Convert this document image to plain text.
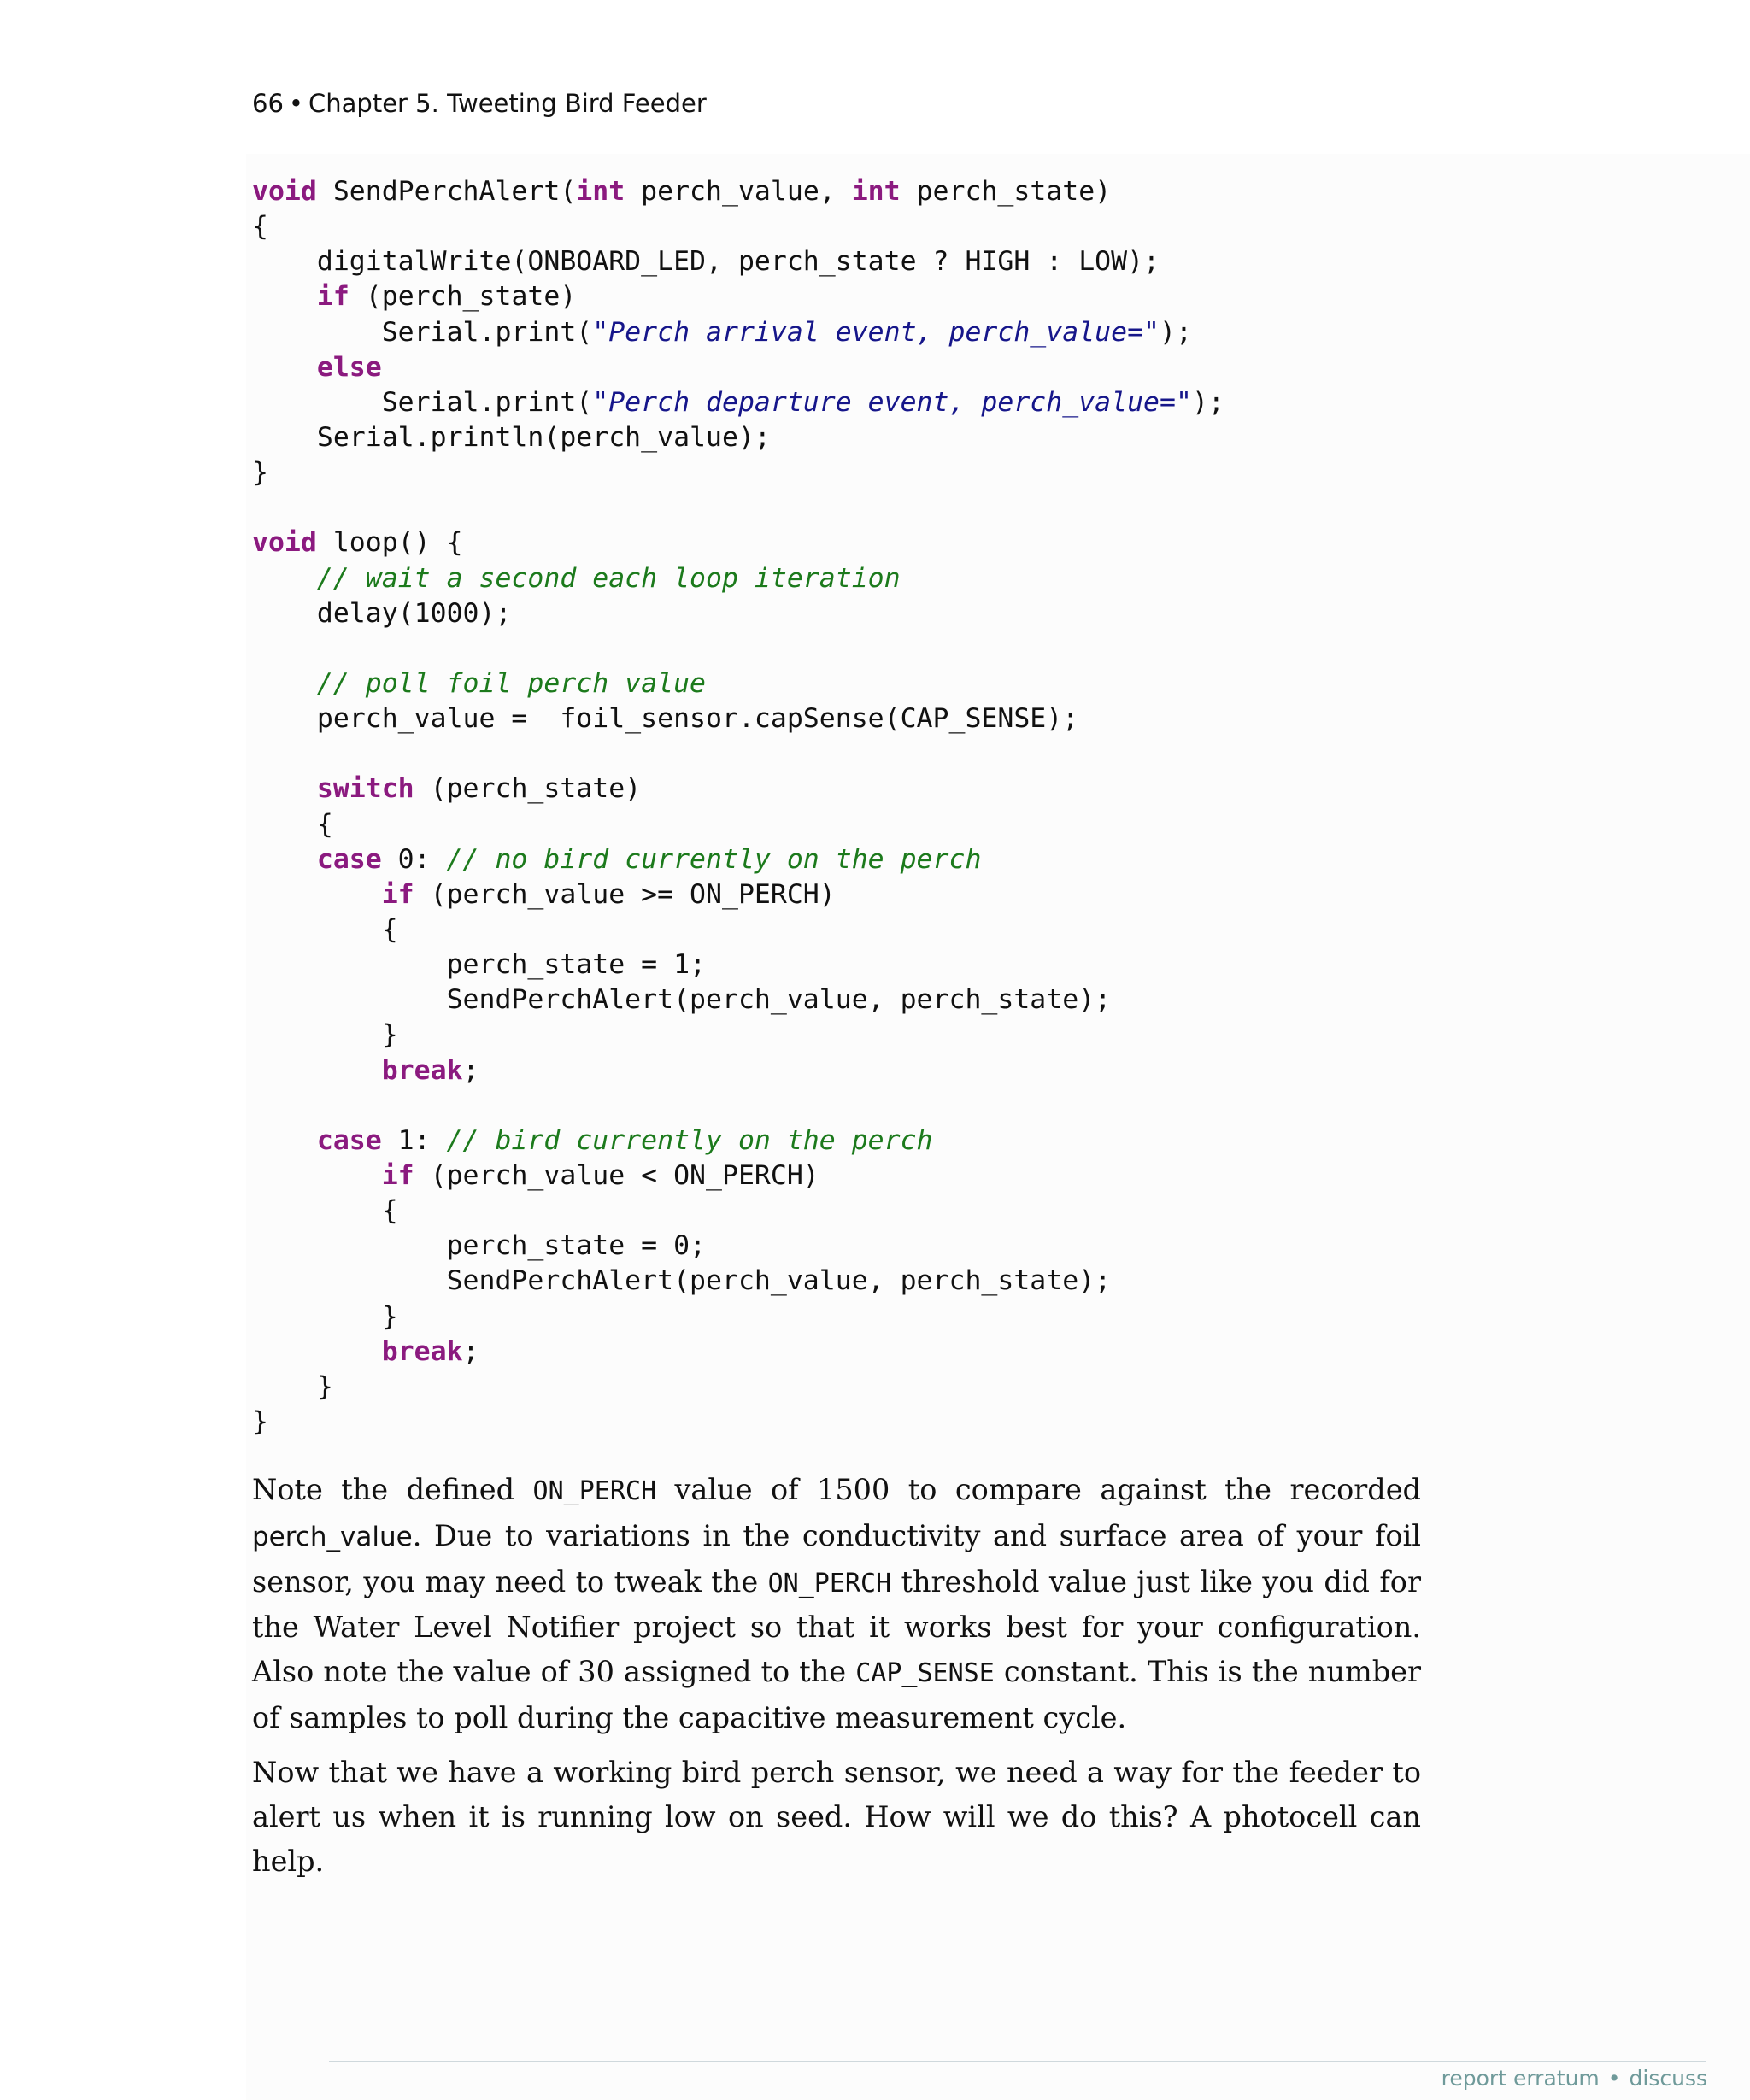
66 • Chapter 5. Tweeting Bird Feeder
void SendPerchAlert(int perch_value, int perch_state)
{
digitalWrite(ONBOARD_LED, perch_state ? HIGH : LOW);
if (perch_state)
Serial.print("Perch arrival event, perch_value=");
else
Serial.print("Perch departure event, perch_value=");
Serial.println(perch_value);
}
void loop() {
// wait a second each loop iteration
delay(1000);
// poll foil perch value
perch_value =  foil_sensor.capSense(CAP_SENSE);
switch (perch_state)
{
case 0: // no bird currently on the perch
if (perch_value >= ON_PERCH)
{
perch_state = 1;
SendPerchAlert(perch_value, perch_state);
}
break;
case 1: // bird currently on the perch
if (perch_value < ON_PERCH)
{
perch_state = 0;
SendPerchAlert(perch_value, perch_state);
}
break;
}
}

Note the defined ON_PERCH value of 1500 to compare against the recorded perch_value. Due to variations in the conductivity and surface area of your foil sensor, you may need to tweak the ON_PERCH threshold value just like you did for the Water Level Notifier project so that it works best for your configuration. Also note the value of 30 assigned to the CAP_SENSE constant. This is the number of samples to poll during the capacitive measurement cycle.

Now that we have a working bird perch sensor, we need a way for the feeder to alert us when it is running low on seed. How will we do this? A photocell can help.

report erratum • discuss
